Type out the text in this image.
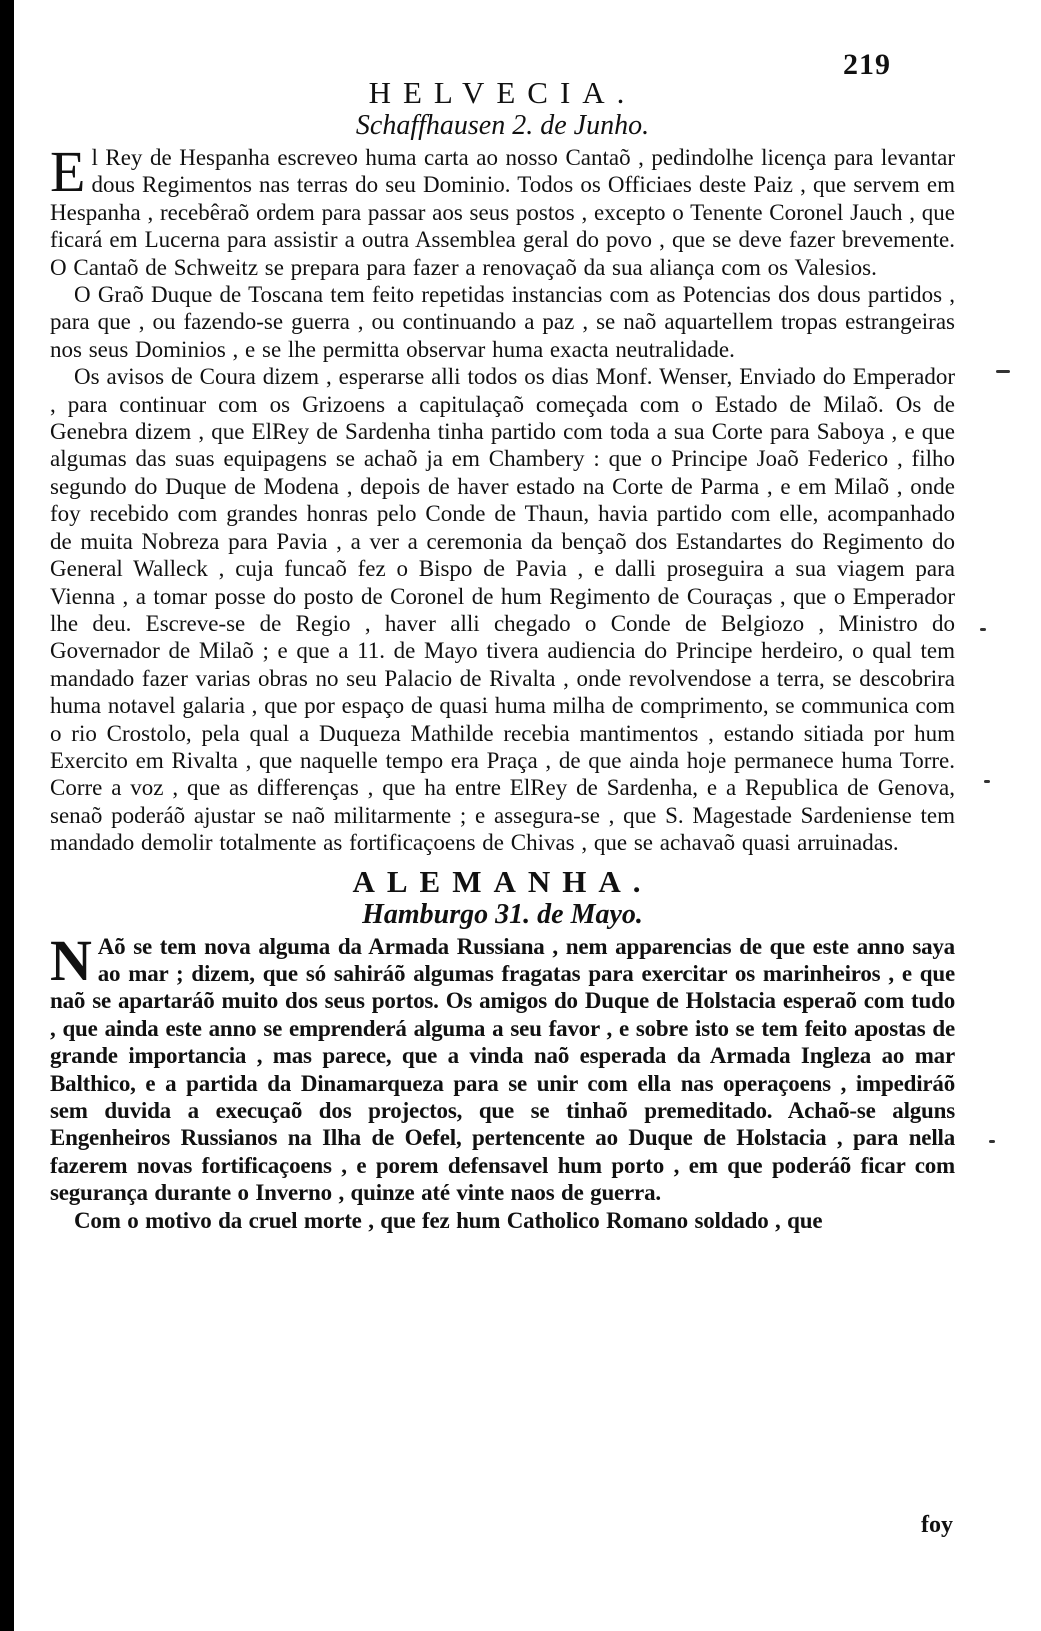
219
HELVECIA.
Schaffhausen 2. de Junho.

El Rey de Hespanha escreveo huma carta ao nosso Cantaõ , pedindolhe licença para levantar dous Regimentos nas terras do seu Dominio. Todos os Officiaes deste Paiz , que servem em Hespanha , recebêraõ ordem para passar aos seus postos , excepto o Tenente Coronel Jauch , que ficará em Lucerna para assistir a outra Assemblea geral do povo , que se deve fazer brevemente. O Cantaõ de Schweitz se prepara para fazer a renovaçaõ da sua aliança com os Valesios.

O Graõ Duque de Toscana tem feito repetidas instancias com as Potencias dos dous partidos , para que , ou fazendo-se guerra , ou continuando a paz , se naõ aquartellem tropas estrangeiras nos seus Dominios , e se lhe permitta observar huma exacta neutralidade.

Os avisos de Coura dizem , esperarse alli todos os dias Monf. Wenser, Enviado do Emperador , para continuar com os Grizoens a capitulaçaõ começada com o Estado de Milaõ. Os de Genebra dizem , que ElRey de Sardenha tinha partido com toda a sua Corte para Saboya , e que algumas das suas equipagens se achaõ ja em Chambery : que o Principe Joaõ Federico , filho segundo do Duque de Modena , depois de haver estado na Corte de Parma , e em Milaõ , onde foy recebido com grandes honras pelo Conde de Thaun, havia partido com elle, acompanhado de muita Nobreza para Pavia , a ver a ceremonia da bençaõ dos Estandartes do Regimento do General Walleck , cuja funcaõ fez o Bispo de Pavia , e dalli proseguira a sua viagem para Vienna , a tomar posse do posto de Coronel de hum Regimento de Couraças , que o Emperador lhe deu. Escreve-se de Regio , haver alli chegado o Conde de Belgiozo , Ministro do Governador de Milaõ ; e que a 11. de Mayo tivera audiencia do Principe herdeiro, o qual tem mandado fazer varias obras no seu Palacio de Rivalta , onde revolvendose a terra, se descobrira huma notavel galaria , que por espaço de quasi huma milha de comprimento, se communica com o rio Crostolo, pela qual a Duqueza Mathilde recebia mantimentos , estando sitiada por hum Exercito em Rivalta , que naquelle tempo era Praça , de que ainda hoje permanece huma Torre. Corre a voz , que as differenças , que ha entre ElRey de Sardenha, e a Republica de Genova, senaõ poderáõ ajustar se naõ militarmente ; e assegura-se , que S. Magestade Sardeniense tem mandado demolir totalmente as fortificaçoens de Chivas , que se achavaõ quasi arruinadas.

ALEMANHA.
Hamburgo 31. de Mayo.

N Aõ se tem nova alguma da Armada Russiana , nem apparencias de que este anno saya ao mar ; dizem, que só sahiráõ algumas fragatas para exercitar os marinheiros , e que naõ se apartaráõ muito dos seus portos. Os amigos do Duque de Holstacia esperaõ com tudo , que ainda este anno se emprenderá alguma a seu favor , e sobre isto se tem feito apostas de grande importancia , mas parece, que a vinda naõ esperada da Armada Ingleza ao mar Balthico, e a partida da Dinamarqueza para se unir com ella nas operaçoens , impediráõ sem duvida a execuçaõ dos projectos, que se tinhaõ premeditado. Achaõ-se alguns Engenheiros Russianos na Ilha de Oefel, pertencente ao Duque de Holstacia , para nella fazerem novas fortificaçoens , e porem defensavel hum porto , em que poderáõ ficar com segurança durante o Inverno , quinze até vinte naos de guerra.

Com o motivo da cruel morte , que fez hum Catholico Romano soldado , que

foy
